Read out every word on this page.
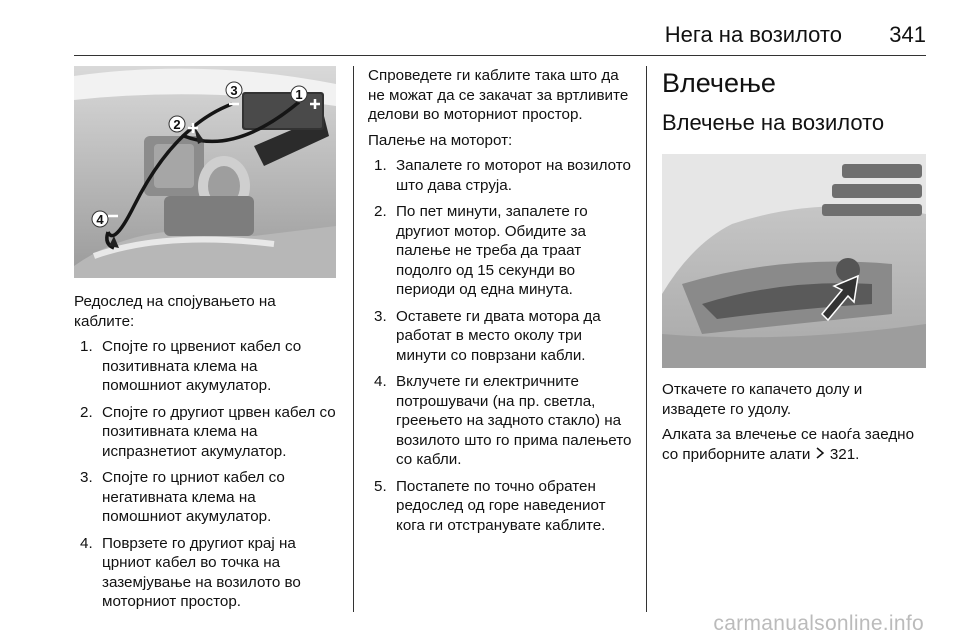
Нега на возилото 341
1
2
3
4

Редослед на спојувањето на каблите:

1. Спојте го црвениот кабел со позитивната клема на помошниот акумулатор.
2. Спојте го другиот црвен кабел со позитивната клема на испразнетиот акумулатор.
3. Спојте го црниот кабел со негативната клема на помошниот акумулатор.
4. Поврзете го другиот крај на црниот кабел во точка на заземјување на возилото во моторниот простор.

Спроведете ги каблите така што да не можат да се закачат за вртливите делови во моторниот простор.

Палење на моторот:

1. Запалете го моторот на возилото што дава струја.
2. По пет минути, запалете го другиот мотор. Обидите за палење не треба да траат подолго од 15 секунди во периоди од една минута.
3. Оставете ги двата мотора да работат в место околу три минути со поврзани кабли.
4. Вклучете ги електричните потрошувачи (на пр. светла, греењето на задното стакло) на возилото што го прима палењето со кабли.
5. Постапете по точно обратен редослед од горе наведениот кога ги отстранувате каблите.
Влечење
Влечење на возилото

Откачете го капачето долу и извадете го удолу.

Алката за влечење се наоѓа заедно со приборните алати 321.

carmanualsonline.info
